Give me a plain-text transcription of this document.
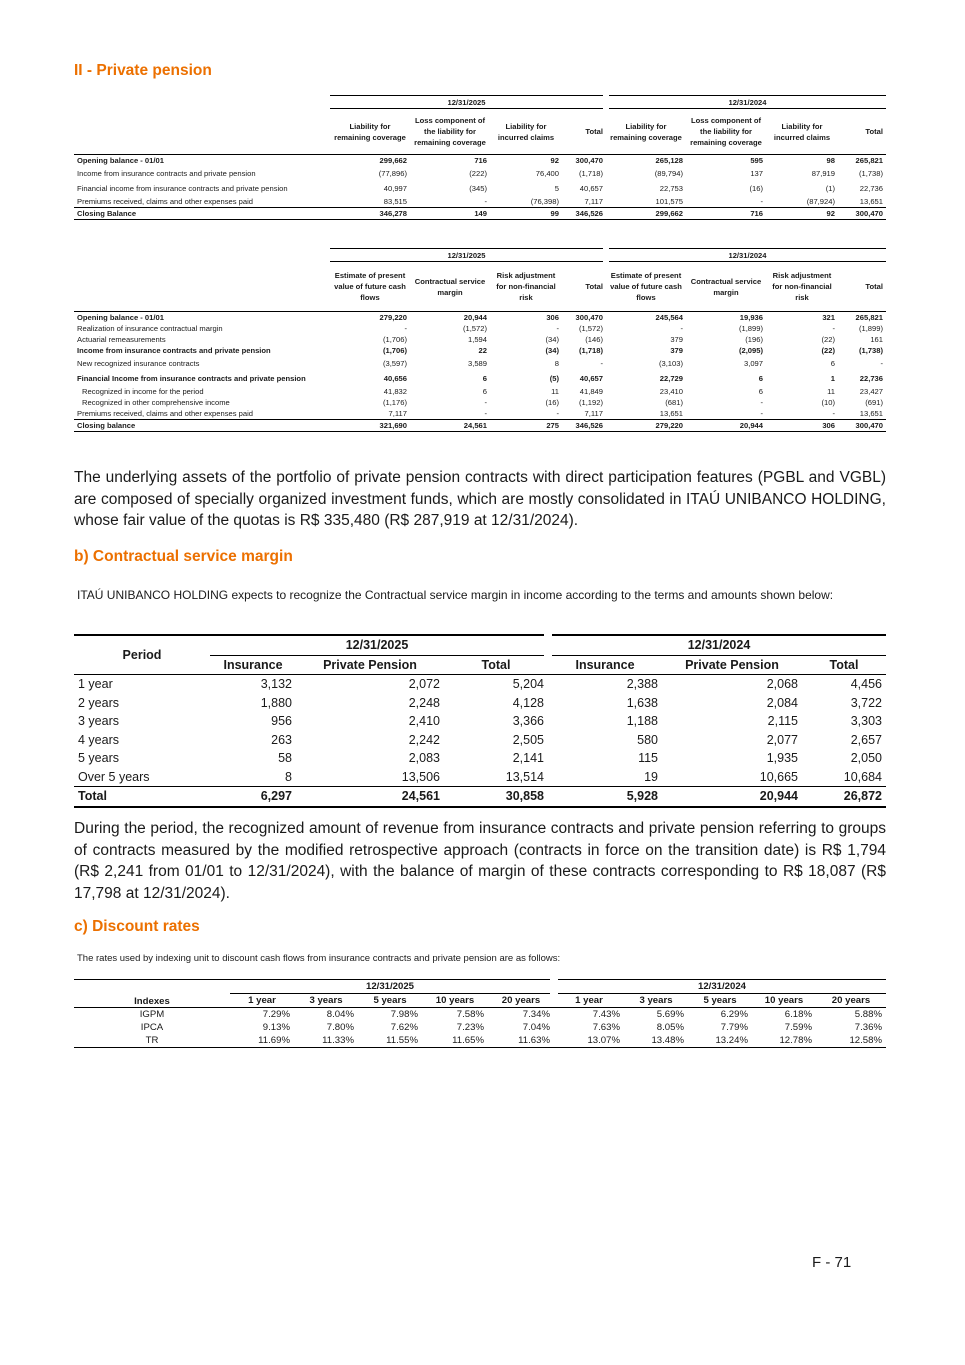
II - Private pension
	12/31/2025				12/31/2024			
	Liability for remaining coverage	Loss component of the liability for remaining coverage	Liability for incurred claims	Total	Liability for remaining coverage	Loss component of the liability for remaining coverage	Liability for incurred claims	Total
Opening balance - 01/01	299,662	716	92	300,470	265,128	595	98	265,821
Income from insurance contracts and private pension	(77,896)	(222)	76,400	(1,718)	(89,794)	137	87,919	(1,738)
Financial income from insurance contracts and private pension	40,997	(345)	5	40,657	22,753	(16)	(1)	22,736
Premiums received, claims and other expenses paid	83,515	-	(76,398)	7,117	101,575	-	(87,924)	13,651
Closing Balance	346,278	149	99	346,526	299,662	716	92	300,470
	12/31/2025				12/31/2024			
	Estimate of present value of future cash flows	Contractual service margin	Risk adjustment for non-financial risk	Total	Estimate of present value of future cash flows	Contractual service margin	Risk adjustment for non-financial risk	Total
Opening balance - 01/01	279,220	20,944	306	300,470	245,564	19,936	321	265,821
Realization of insurance contractual margin	-	(1,572)	-	(1,572)	-	(1,899)	-	(1,899)
Actuarial remeasurements	(1,706)	1,594	(34)	(146)	379	(196)	(22)	161
Income from insurance contracts and private pension	(1,706)	22	(34)	(1,718)	379	(2,095)	(22)	(1,738)
New recognized insurance contracts	(3,597)	3,589	8	-	(3,103)	3,097	6	-
Financial Income from insurance contracts and private pension	40,656	6	(5)	40,657	22,729	6	1	22,736
Recognized in income for the period	41,832	6	11	41,849	23,410	6	11	23,427
Recognized in other comprehensive income	(1,176)	-	(16)	(1,192)	(681)	-	(10)	(691)
Premiums received, claims and other expenses paid	7,117	-	-	7,117	13,651	-	-	13,651
Closing balance	321,690	24,561	275	346,526	279,220	20,944	306	300,470

The underlying assets of the portfolio of private pension contracts with direct participation features (PGBL and VGBL) are composed of specially organized investment funds, which are mostly consolidated in ITAÚ UNIBANCO HOLDING, whose fair value of the quotas is R$ 335,480 (R$ 287,919 at 12/31/2024).

b) Contractual service margin

ITAÚ UNIBANCO HOLDING expects to recognize the Contractual service margin in income according to the terms and amounts shown below:

Period	12/31/2025			12/31/2024		
	Insurance	Private Pension	Total	Insurance	Private Pension	Total
1 year	3,132	2,072	5,204	2,388	2,068	4,456
2 years	1,880	2,248	4,128	1,638	2,084	3,722
3 years	956	2,410	3,366	1,188	2,115	3,303
4 years	263	2,242	2,505	580	2,077	2,657
5 years	58	2,083	2,141	115	1,935	2,050
Over 5 years	8	13,506	13,514	19	10,665	10,684
Total	6,297	24,561	30,858	5,928	20,944	26,872

During the period, the recognized amount of revenue from insurance contracts and private pension referring to groups of contracts measured by the modified retrospective approach (contracts in force on the transition date) is R$ 1,794 (R$ 2,241 from 01/01 to 12/31/2024), with the balance of margin of these contracts corresponding to R$ 18,087 (R$ 17,798 at 12/31/2024).

c) Discount rates

The rates used by indexing unit to discount cash flows from insurance contracts and private pension are as follows:

Indexes	12/31/2025					12/31/2024				
	1 year	3 years	5 years	10 years	20 years	1 year	3 years	5 years	10 years	20 years
IGPM	7.29%	8.04%	7.98%	7.58%	7.34%	7.43%	5.69%	6.29%	6.18%	5.88%
IPCA	9.13%	7.80%	7.62%	7.23%	7.04%	7.63%	8.05%	7.79%	7.59%	7.36%
TR	11.69%	11.33%	11.55%	11.65%	11.63%	13.07%	13.48%	13.24%	12.78%	12.58%
F - 71
